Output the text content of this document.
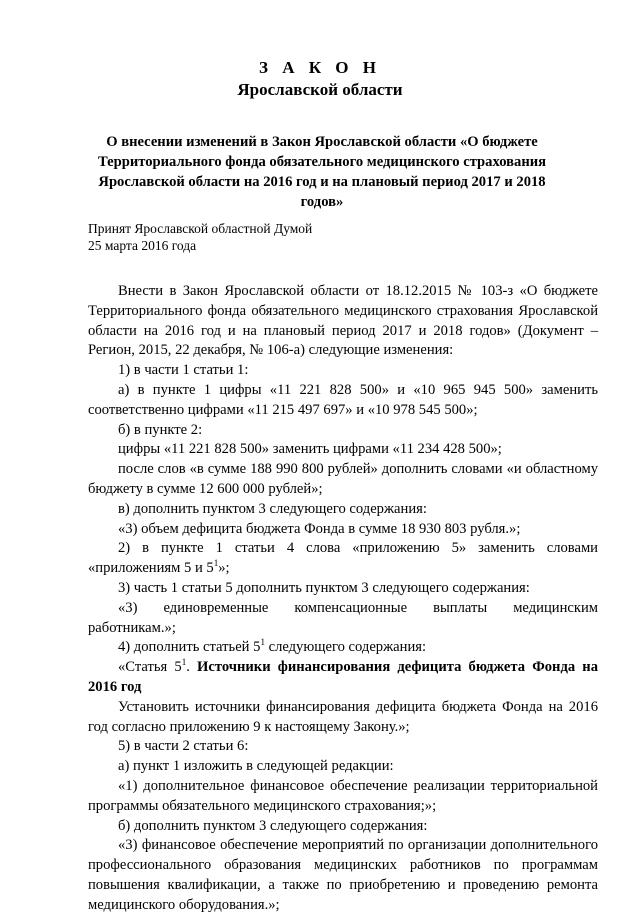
З А К О Н
Ярославской области

О внесении изменений в Закон Ярославской области «О бюджете Территориального фонда обязательного медицинского страхования Ярославской области на 2016 год и на плановый период 2017 и 2018 годов»

Принят Ярославской областной Думой
25 марта 2016 года

Внести в Закон Ярославской области от 18.12.2015 № 103-з «О бюджете Территориального фонда обязательного медицинского страхования Ярославской области на 2016 год и на плановый период 2017 и 2018 годов» (Документ – Регион, 2015, 22 декабря, № 106-а) следующие изменения:

1) в части 1 статьи 1:

а) в пункте 1 цифры «11 221 828 500» и «10 965 945 500» заменить соответственно цифрами «11 215 497 697» и «10 978 545 500»;

б) в пункте 2:

цифры «11 221 828 500» заменить цифрами «11 234 428 500»;

после слов «в сумме 188 990 800 рублей» дополнить словами «и областному бюджету в сумме 12 600 000 рублей»;

в) дополнить пунктом 3 следующего содержания:

«3) объем дефицита бюджета Фонда в сумме 18 930 803 рубля.»;

2) в пункте 1 статьи 4 слова «приложению 5» заменить словами «приложениям 5 и $5^1$»;

3) часть 1 статьи 5 дополнить пунктом 3 следующего содержания:

«3) единовременные компенсационные выплаты медицинским работникам.»;

4) дополнить статьей $5^1$ следующего содержания:

«Статья $5^1$. Источники финансирования дефицита бюджета Фонда на 2016 год

Установить источники финансирования дефицита бюджета Фонда на 2016 год согласно приложению 9 к настоящему Закону.»;

5) в части 2 статьи 6:

а) пункт 1 изложить в следующей редакции:

«1) дополнительное финансовое обеспечение реализации территориальной программы обязательного медицинского страхования;»;

б) дополнить пунктом 3 следующего содержания:

«3) финансовое обеспечение мероприятий по организации дополнительного профессионального образования медицинских работников по программам повышения квалификации, а также по приобретению и проведению ремонта медицинского оборудования.»;
